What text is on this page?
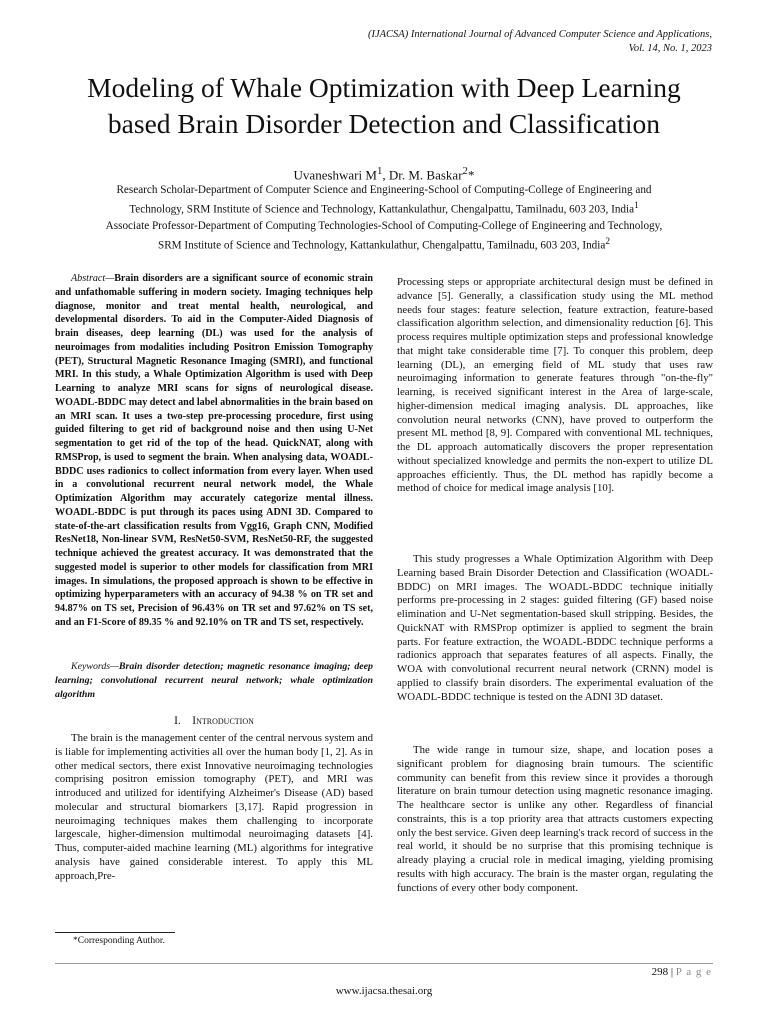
(IJACSA) International Journal of Advanced Computer Science and Applications,
Vol. 14, No. 1, 2023
Modeling of Whale Optimization with Deep Learning
based Brain Disorder Detection and Classification
Uvaneshwari $M^1$, Dr. M. Baskar$^2$*
Research Scholar-Department of Computer Science and Engineering-School of Computing-College of Engineering and
Technology, SRM Institute of Science and Technology, Kattankulathur, Chengalpattu, Tamilnadu, 603 203, India$^1$
Associate Professor-Department of Computing Technologies-School of Computing-College of Engineering and Technology,
SRM Institute of Science and Technology, Kattankulathur, Chengalpattu, Tamilnadu, 603 203, India$^2$
Abstract—Brain disorders are a significant source of economic strain and unfathomable suffering in modern society. Imaging techniques help diagnose, monitor and treat mental health, neurological, and developmental disorders. To aid in the Computer-Aided Diagnosis of brain diseases, deep learning (DL) was used for the analysis of neuroimages from modalities including Positron Emission Tomography (PET), Structural Magnetic Resonance Imaging (SMRI), and functional MRI. In this study, a Whale Optimization Algorithm is used with Deep Learning to analyze MRI scans for signs of neurological disease. WOADL-BDDC may detect and label abnormalities in the brain based on an MRI scan. It uses a two-step pre-processing procedure, first using guided filtering to get rid of background noise and then using U-Net segmentation to get rid of the top of the head. QuickNAT, along with RMSProp, is used to segment the brain. When analysing data, WOADL-BDDC uses radionics to collect information from every layer. When used in a convolutional recurrent neural network model, the Whale Optimization Algorithm may accurately categorize mental illness. WOADL-BDDC is put through its paces using ADNI 3D. Compared to state-of-the-art classification results from Vgg16, Graph CNN, Modified ResNet18, Non-linear SVM, ResNet50-SVM, ResNet50-RF, the suggested technique achieved the greatest accuracy. It was demonstrated that the suggested model is superior to other models for classification from MRI images. In simulations, the proposed approach is shown to be effective in optimizing hyperparameters with an accuracy of 94.38 % on TR set and 94.87% on TS set, Precision of 96.43% on TR set and 97.62% on TS set, and an F1-Score of 89.35 % and 92.10% on TR and TS set, respectively.
Keywords—Brain disorder detection; magnetic resonance imaging; deep learning; convolutional recurrent neural network; whale optimization algorithm
I. Introduction

The brain is the management center of the central nervous system and is liable for implementing activities all over the human body [1, 2]. As in other medical sectors, there exist Innovative neuroimaging technologies comprising positron emission tomography (PET), and MRI was introduced and utilized for identifying Alzheimer's Disease (AD) based molecular and structural biomarkers [3,17]. Rapid progression in neuroimaging techniques makes them challenging to incorporate largescale, higher-dimension multimodal neuroimaging datasets [4]. Thus, computer-aided machine learning (ML) algorithms for integrative analysis have gained considerable interest. To apply this ML approach,Pre-

Processing steps or appropriate architectural design must be defined in advance [5]. Generally, a classification study using the ML method needs four stages: feature selection, feature extraction, feature-based classification algorithm selection, and dimensionality reduction [6]. This process requires multiple optimization steps and professional knowledge that might take considerable time [7]. To conquer this problem, deep learning (DL), an emerging field of ML study that uses raw neuroimaging information to generate features through "on-the-fly" learning, is received significant interest in the Area of large-scale, higher-dimension medical imaging analysis. DL approaches, like convolution neural networks (CNN), have proved to outperform the present ML method [8, 9]. Compared with conventional ML techniques, the DL approach automatically discovers the proper representation without specialized knowledge and permits the non-expert to utilize DL approaches efficiently. Thus, the DL method has rapidly become a method of choice for medical image analysis [10].

This study progresses a Whale Optimization Algorithm with Deep Learning based Brain Disorder Detection and Classification (WOADL-BDDC) on MRI images. The WOADL-BDDC technique initially performs pre-processing in 2 stages: guided filtering (GF) based noise elimination and U-Net segmentation-based skull stripping. Besides, the QuickNAT with RMSProp optimizer is applied to segment the brain parts. For feature extraction, the WOADL-BDDC technique performs a radionics approach that separates features of all aspects. Finally, the WOA with convolutional recurrent neural network (CRNN) model is applied to classify brain disorders. The experimental evaluation of the WOADL-BDDC technique is tested on the ADNI 3D dataset.

The wide range in tumour size, shape, and location poses a significant problem for diagnosing brain tumours. The scientific community can benefit from this review since it provides a thorough literature on brain tumour detection using magnetic resonance imaging. The healthcare sector is unlike any other. Regardless of financial constraints, this is a top priority area that attracts customers expecting only the best service. Given deep learning's track record of success in the real world, it should be no surprise that this promising technique is already playing a crucial role in medical imaging, yielding promising results with high accuracy. The brain is the master organ, regulating the functions of every other body component.

*Corresponding Author.
298 | P a g e
www.ijacsa.thesai.org
